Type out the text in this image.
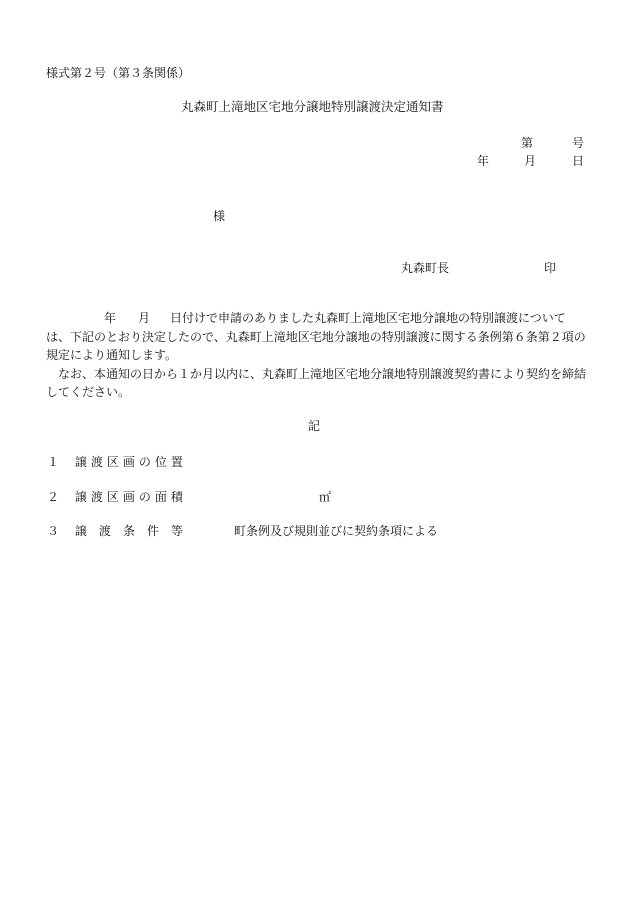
様式第２号（第３条関係）
丸森町上滝地区宅地分譲地特別譲渡決定通知書
第	号
年	月	日
様
丸森町長	印

年 月 日付けで申請のありました丸森町上滝地区宅地分譲地の特別譲渡については、下記のとおり決定したので、丸森町上滝地区宅地分譲地の特別譲渡に関する条例第６条第２項の規定により通知します。

　なお、本通知の日から１か月以内に、丸森町上滝地区宅地分譲地特別譲渡契約書により契約を締結してください。

記
１ 譲渡区画の位置
２ 譲渡区画の面積	㎡
３ 譲渡条件等	町条例及び規則並びに契約条項による
